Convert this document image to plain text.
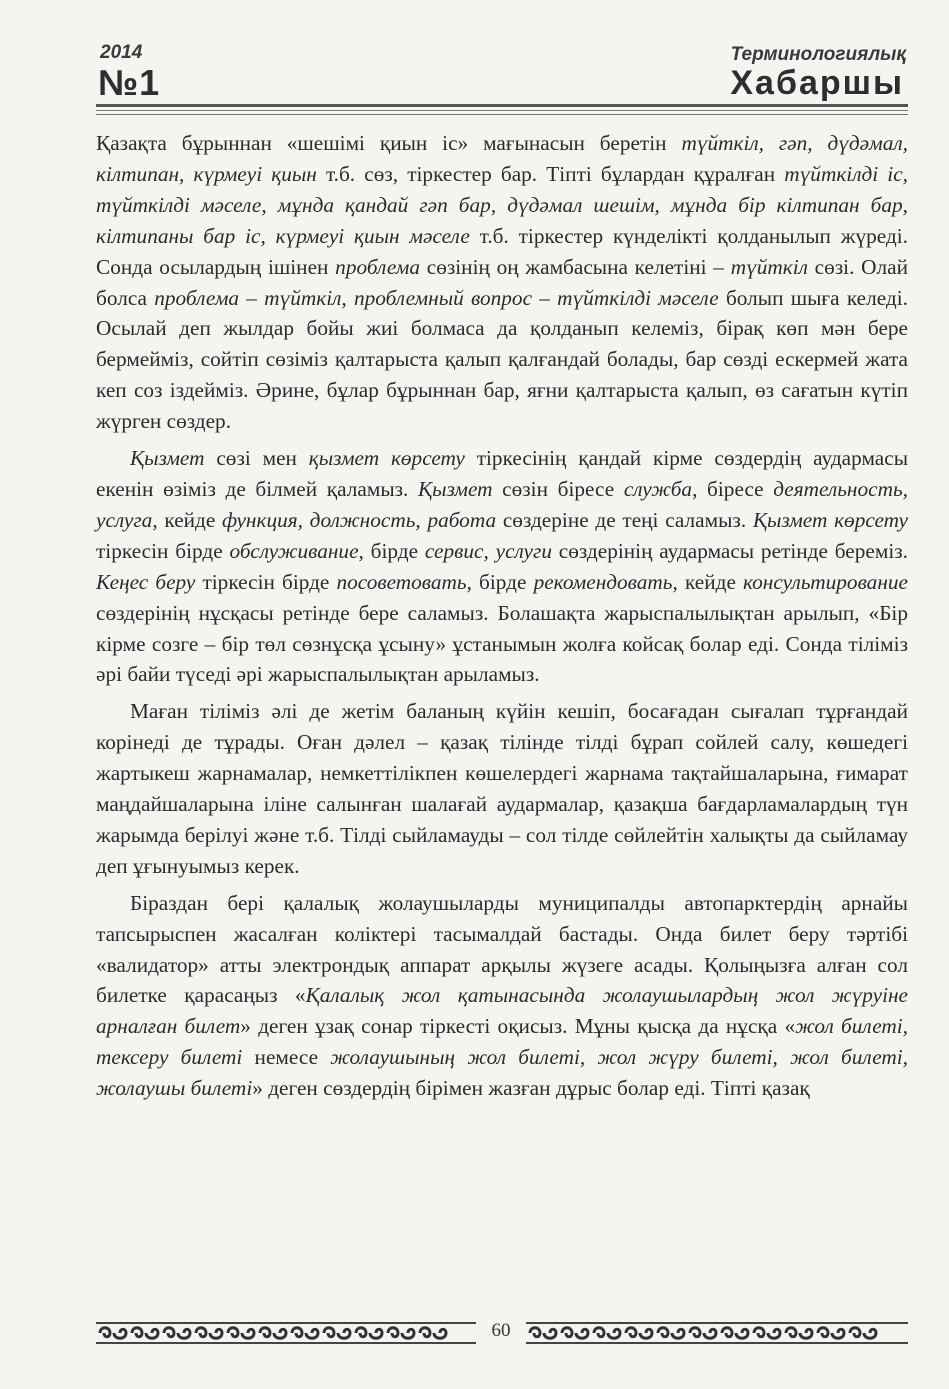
2014
№1
Терминологиялық
Хабаршы

Қазақта бұрыннан «шешімі қиын іс» мағынасын беретін түйткіл, гәп, дүдәмал, кілтипан, күрмеуі қиын т.б. сөз, тіркестер бар. Тіпті бұлардан құралған түйткілді іс, түйткілді мәселе, мұнда қандай гәп бар, дүдәмал шешім, мұнда бір кілтипан бар, кілтипаны бар іс, күрмеуі қиын мәселе т.б. тіркестер күнделікті қолданылып жүреді. Сонда осылардың ішінен проблема сөзінің оң жамбасына келетіні – түйткіл сөзі. Олай болса проблема – түйткіл, проблемный вопрос – түйткілді мәселе болып шыға келеді. Осылай деп жылдар бойы жиі болмаса да қолданып келеміз, бірақ көп мән бере бермейміз, сойтіп сөзіміз қалтарыста қалып қалғандай болады, бар сөзді ескермей жата кеп соз іздейміз. Әрине, бұлар бұрыннан бар, яғни қалтарыста қалып, өз сағатын күтіп жүрген сөздер.

Қызмет сөзі мен қызмет көрсету тіркесінің қандай кірме сөздердің аудармасы екенін өзіміз де білмей қаламыз. Қызмет сөзін біресе служба, біресе деятельность, услуга, кейде функция, должность, работа сөздеріне де теңі саламыз. Қызмет көрсету тіркесін бірде обслуживание, бірде сервис, услуги сөздерінің аудармасы ретінде береміз. Кеңес беру тіркесін бірде посоветовать, бірде рекомендовать, кейде консультирование сөздерінің нұсқасы ретінде бере саламыз. Болашақта жарыспалылықтан арылып, «Бір кірме созге – бір төл сөзнұсқа ұсыну» ұстанымын жолға койсақ болар еді. Сонда тіліміз әрі байи түседі әрі жарыспалылықтан арыламыз.

Маған тіліміз әлі де жетім баланың күйін кешіп, босағадан сығалап тұрғандай корінеді де тұрады. Оған дәлел – қазақ тілінде тілді бұрап сойлей салу, көшедегі жартыкеш жарнамалар, немкеттілікпен көшелердегі жарнама тақтайшаларына, ғимарат маңдайшаларына іліне салынған шалағай аудармалар, қазақша бағдарламалардың түн жарымда берілуі және т.б. Тілді сыйламауды – сол тілде сөйлейтін халықты да сыйламау деп ұғынуымыз керек.

Біраздан бері қалалық жолаушыларды муниципалды автопарктердің арнайы тапсырыспен жасалған коліктері тасымалдай бастады. Онда билет беру тәртібі «валидатор» атты электрондық аппарат арқылы жүзеге асады. Қолыңызға алған сол билетке қарасаңыз «Қалалық жол қатынасында жолаушылардың жол жүруіне арналған билет» деген ұзақ сонар тіркесті оқисыз. Мұны қысқа да нұсқа «жол билеті, тексеру билеті немесе жолаушының жол билеті, жол жүру билеті, жол билеті, жолаушы билеті» деген сөздердің бірімен жазған дұрыс болар еді. Тіпті қазақ

60
